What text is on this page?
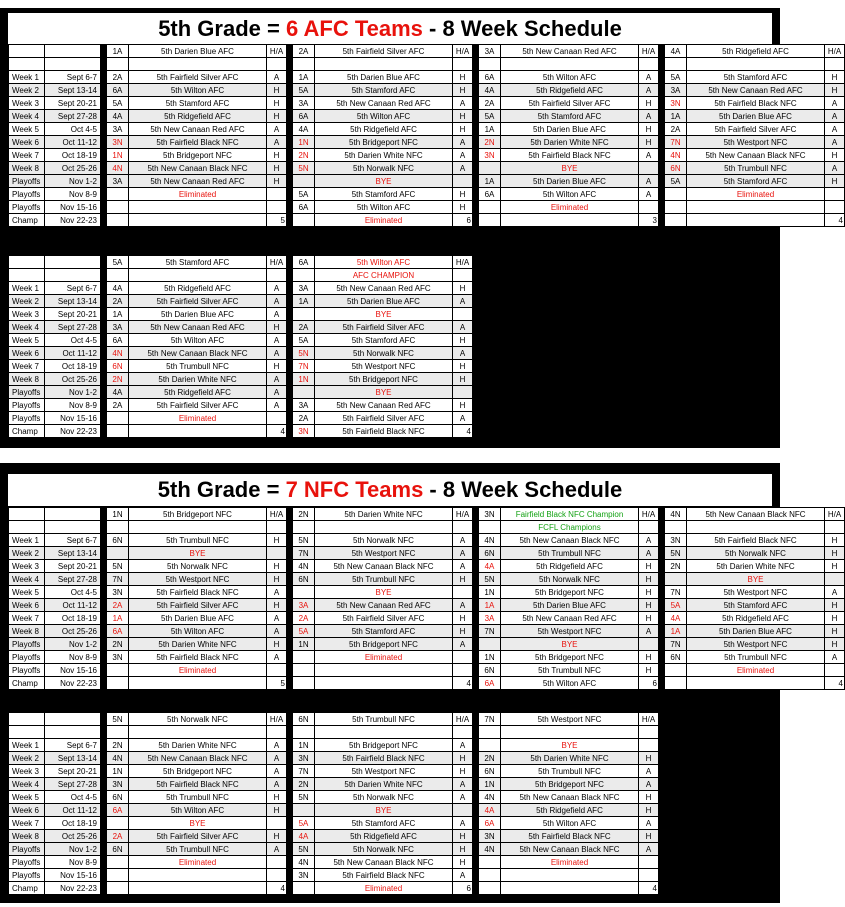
5th Grade = 6 AFC Teams - 8 Week Schedule
			1A	5th Darien Blue AFC	H/A		2A	5th Fairfield Silver AFC	H/A		3A	5th New Canaan Red AFC	H/A		4A	5th Ridgefield AFC	H/A

Week 1	Sept 6-7		2A	5th Fairfield Silver AFC	A		1A	5th Darien Blue AFC	H		6A	5th Wilton AFC	A		5A	5th Stamford AFC	H
Week 2	Sept 13-14		6A	5th Wilton AFC	H		5A	5th Stamford AFC	H		4A	5th Ridgefield AFC	A		3A	5th New Canaan Red AFC	H
Week 3	Sept 20-21		5A	5th Stamford AFC	H		3A	5th New Canaan Red AFC	A		2A	5th Fairfield Silver AFC	H		3N	5th Fairfield Black NFC	A
Week 4	Sept 27-28		4A	5th Ridgefield AFC	H		6A	5th Wilton AFC	H		5A	5th Stamford AFC	A		1A	5th Darien Blue AFC	A
Week 5	Oct 4-5		3A	5th New Canaan Red AFC	A		4A	5th Ridgefield AFC	H		1A	5th Darien Blue AFC	H		2A	5th Fairfield Silver AFC	A
Week 6	Oct 11-12		3N	5th Fairfield Black NFC	A		1N	5th Bridgeport NFC	A		2N	5th Darien White NFC	H		7N	5th Westport NFC	A
Week 7	Oct 18-19		1N	5th Bridgeport NFC	H		2N	5th Darien White NFC	A		3N	5th Fairfield Black NFC	A		4N	5th New Canaan Black NFC	H
Week 8	Oct 25-26		4N	5th New Canaan Black NFC	H		5N	5th Norwalk NFC	A			BYE			6N	5th Trumbull NFC	A
Playoffs	Nov 1-2		3A	5th New Canaan Red AFC	H			BYE			1A	5th Darien Blue AFC	A		5A	5th Stamford AFC	H
Playoffs	Nov 8-9			Eliminated			5A	5th Stamford AFC	H		6A	5th Wilton AFC	A			Eliminated	
Playoffs	Nov 15-16						6A	5th Wilton AFC	H			Eliminated					
Champ	Nov 22-23				5			Eliminated	6				3				4
			5A	5th Stamford AFC	H/A		6A	5th Wilton AFC	H/A
								AFC CHAMPION	
Week 1	Sept 6-7		4A	5th Ridgefield AFC	A		3A	5th New Canaan Red AFC	H
Week 2	Sept 13-14		2A	5th Fairfield Silver AFC	A		1A	5th Darien Blue AFC	A
Week 3	Sept 20-21		1A	5th Darien Blue AFC	A			BYE	
Week 4	Sept 27-28		3A	5th New Canaan Red AFC	H		2A	5th Fairfield Silver AFC	A
Week 5	Oct 4-5		6A	5th Wilton AFC	A		5A	5th Stamford AFC	H
Week 6	Oct 11-12		4N	5th New Canaan Black NFC	A		5N	5th Norwalk NFC	A
Week 7	Oct 18-19		6N	5th Trumbull NFC	H		7N	5th Westport NFC	H
Week 8	Oct 25-26		2N	5th Darien White NFC	A		1N	5th Bridgeport NFC	H
Playoffs	Nov 1-2		4A	5th Ridgefield AFC	A			BYE	
Playoffs	Nov 8-9		2A	5th Fairfield Silver AFC	A		3A	5th New Canaan Red AFC	H
Playoffs	Nov 15-16			Eliminated			2A	5th Fairfield Silver AFC	A
Champ	Nov 22-23				4		3N	5th Fairfield Black NFC	4
5th Grade = 7 NFC Teams - 8 Week Schedule
			1N	5th Bridgeport NFC	H/A		2N	5th Darien White NFC	H/A		3N	Fairfield Black NFC Champion	H/A		4N	5th New Canaan Black NFC	H/A
												FCFL Champions					
Week 1	Sept 6-7		6N	5th Trumbull NFC	H		5N	5th Norwalk NFC	A		4N	5th New Canaan Black NFC	A		3N	5th Fairfield Black NFC	H
Week 2	Sept 13-14			BYE			7N	5th Westport NFC	A		6N	5th Trumbull NFC	A		5N	5th Norwalk NFC	H
Week 3	Sept 20-21		5N	5th Norwalk NFC	H		4N	5th New Canaan Black NFC	A		4A	5th Ridgefield AFC	H		2N	5th Darien White NFC	H
Week 4	Sept 27-28		7N	5th Westport NFC	H		6N	5th Trumbull NFC	H		5N	5th Norwalk NFC	H			BYE	
Week 5	Oct 4-5		3N	5th Fairfield Black NFC	A			BYE			1N	5th Bridgeport NFC	H		7N	5th Westport NFC	A
Week 6	Oct 11-12		2A	5th Fairfield Silver AFC	H		3A	5th New Canaan Red AFC	A		1A	5th Darien Blue AFC	H		5A	5th Stamford AFC	H
Week 7	Oct 18-19		1A	5th Darien Blue AFC	A		2A	5th Fairfield Silver AFC	H		3A	5th New Canaan Red AFC	H		4A	5th Ridgefield AFC	H
Week 8	Oct 25-26		6A	5th Wilton AFC	A		5A	5th Stamford AFC	H		7N	5th Westport NFC	A		1A	5th Darien Blue AFC	H
Playoffs	Nov 1-2		2N	5th Darien White NFC	H		1N	5th Bridgeport NFC	A			BYE			7N	5th Westport NFC	H
Playoffs	Nov 8-9		3N	5th Fairfield Black NFC	A			Eliminated			1N	5th Bridgeport NFC	H		6N	5th Trumbull NFC	A
Playoffs	Nov 15-16			Eliminated							6N	5th Trumbull NFC	H			Eliminated	
Champ	Nov 22-23				5				4		6A	5th Wilton AFC	6				4
			5N	5th Norwalk NFC	H/A		6N	5th Trumbull NFC	H/A		7N	5th Westport NFC	H/A

Week 1	Sept 6-7		2N	5th Darien White NFC	A		1N	5th Bridgeport NFC	A			BYE	
Week 2	Sept 13-14		4N	5th New Canaan Black NFC	A		3N	5th Fairfield Black NFC	H		2N	5th Darien White NFC	H
Week 3	Sept 20-21		1N	5th Bridgeport NFC	A		7N	5th Westport NFC	H		6N	5th Trumbull NFC	A
Week 4	Sept 27-28		3N	5th Fairfield Black NFC	A		2N	5th Darien White NFC	A		1N	5th Bridgeport NFC	A
Week 5	Oct 4-5		6N	5th Trumbull NFC	H		5N	5th Norwalk NFC	A		4N	5th New Canaan Black NFC	H
Week 6	Oct 11-12		6A	5th Wilton AFC	H			BYE			4A	5th Ridgefield AFC	H
Week 7	Oct 18-19			BYE			5A	5th Stamford AFC	A		6A	5th Wilton AFC	A
Week 8	Oct 25-26		2A	5th Fairfield Silver AFC	H		4A	5th Ridgefield AFC	H		3N	5th Fairfield Black NFC	H
Playoffs	Nov 1-2		6N	5th Trumbull NFC	A		5N	5th Norwalk NFC	H		4N	5th New Canaan Black NFC	A
Playoffs	Nov 8-9			Eliminated			4N	5th New Canaan Black NFC	H			Eliminated	
Playoffs	Nov 15-16						3N	5th Fairfield Black NFC	A				
Champ	Nov 22-23				4			Eliminated	6				4
